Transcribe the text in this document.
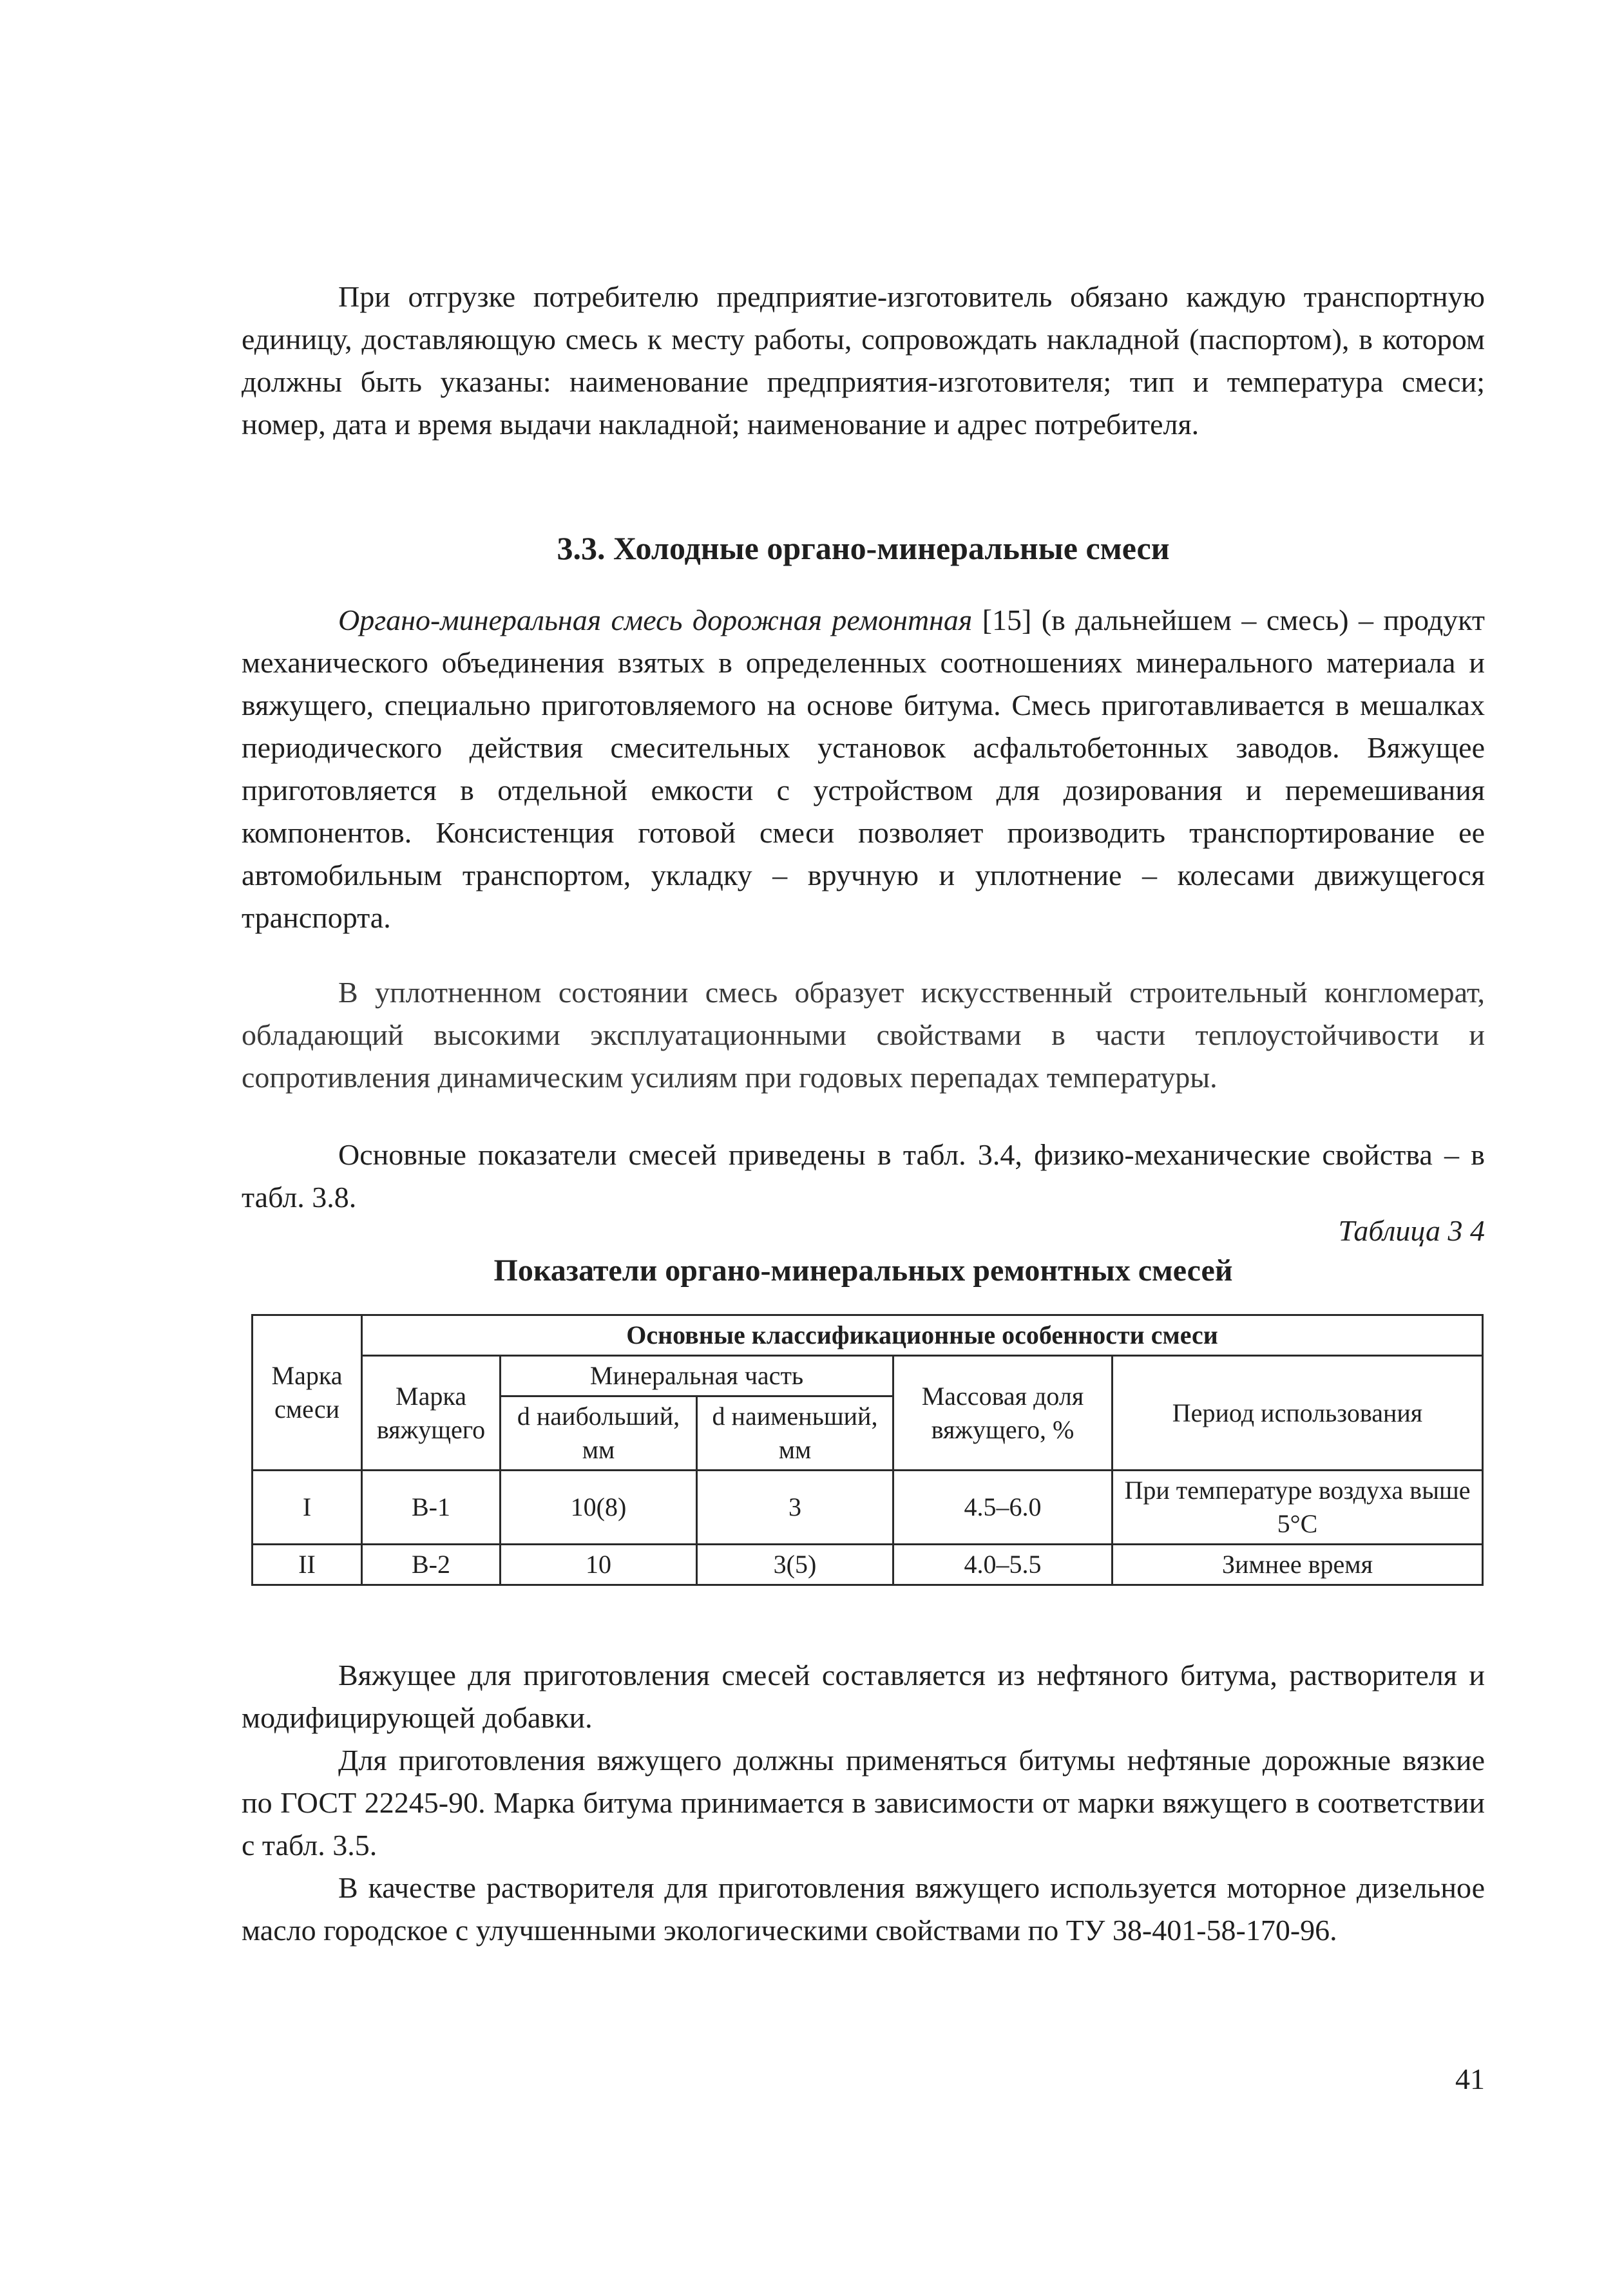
При отгрузке потребителю предприятие-изготовитель обязано каждую транспортную единицу, доставляющую смесь к месту работы, сопровождать накладной (паспортом), в котором должны быть указаны: наименование предприятия-изготовителя; тип и температура смеси; номер, дата и время выдачи накладной; наименование и адрес потребителя.

3.3. Холодные органо-минеральные смеси

Органо-минеральная смесь дорожная ремонтная [15] (в дальнейшем – смесь) – продукт механического объединения взятых в определенных соотношениях минерального материала и вяжущего, специально приготовляемого на основе битума. Смесь приготавливается в мешалках периодического действия смесительных установок асфальтобетонных заводов. Вяжущее приготовляется в отдельной емкости с устройством для дозирования и перемешивания компонентов. Консистенция готовой смеси позволяет производить транспортирование ее автомобильным транспортом, укладку – вручную и уплотнение – колесами движущегося транспорта.

В уплотненном состоянии смесь образует искусственный строительный конгломерат, обладающий высокими эксплуатационными свойствами в части теплоустойчивости и сопротивления динамическим усилиям при годовых перепадах температуры.

Основные показатели смесей приведены в табл. 3.4, физико-механические свойства – в табл. 3.8.

Таблица 3 4
Показатели органо-минеральных ремонтных смесей
Марка смеси	Основные классификационные особенности смеси				
	Марка вяжущего	Минеральная часть		Массовая доля вяжущего, %	Период использования
		d наибольший, мм	d наименьший, мм		
I	В-1	10(8)	3	4.5–6.0	При температуре воздуха выше 5°С
II	В-2	10	3(5)	4.0–5.5	Зимнее время

Вяжущее для приготовления смесей составляется из нефтяного битума, растворителя и модифицирующей добавки.

Для приготовления вяжущего должны применяться битумы нефтяные дорожные вязкие по ГОСТ 22245-90. Марка битума принимается в зависимости от марки вяжущего в соответствии с табл. 3.5.

В качестве растворителя для приготовления вяжущего используется моторное дизельное масло городское с улучшенными экологическими свойствами по ТУ 38-401-58-170-96.

41
